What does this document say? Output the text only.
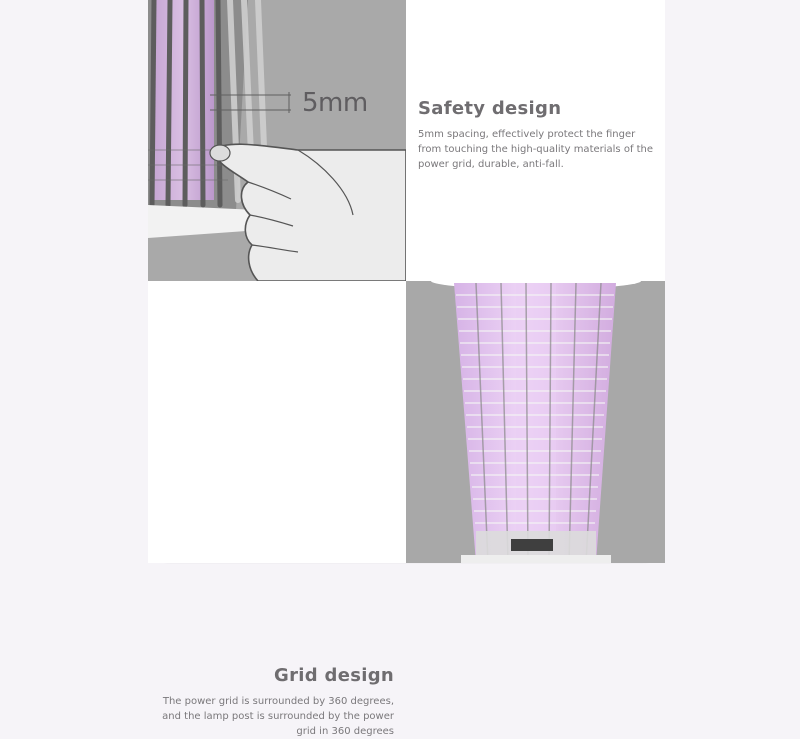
5mm	Safety design

5mm spacing, effectively protect the finger from touching the high-quality materials of the power grid, durable, anti-fall.

Grid design

The power grid is surrounded by 360 degrees, and the lamp post is surrounded by the power grid in 360 degrees
